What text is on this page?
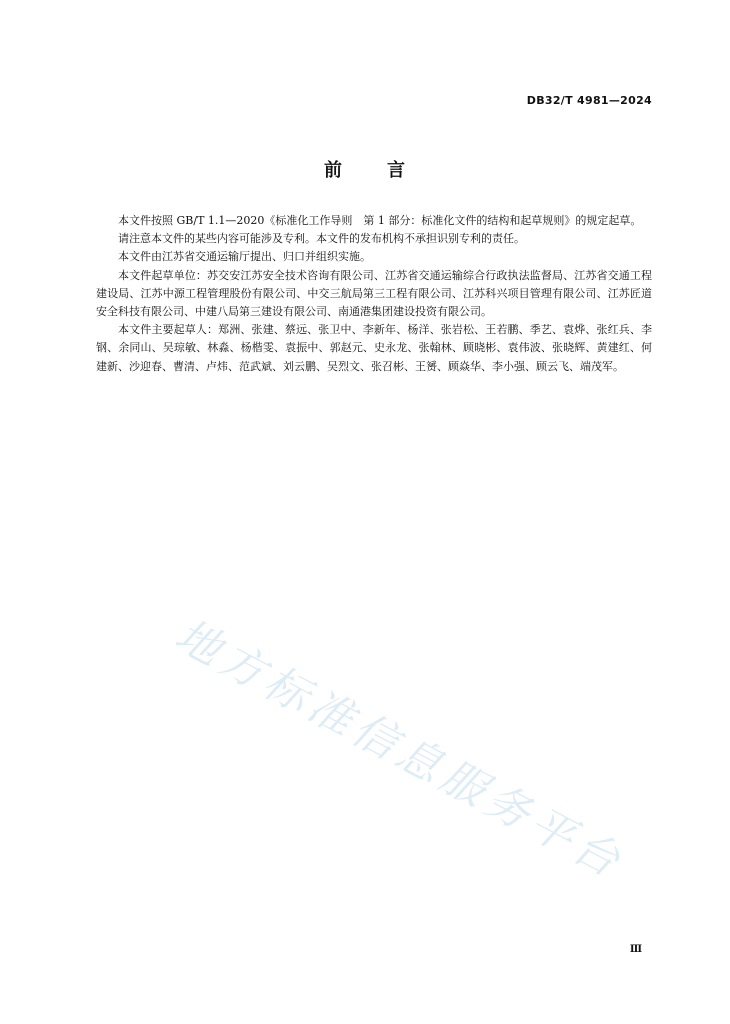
DB32/T 4981—2024
前 言

本文件按照 GB/T 1.1—2020《标准化工作导则　第 1 部分：标准化文件的结构和起草规则》的规定起草。

请注意本文件的某些内容可能涉及专利。本文件的发布机构不承担识别专利的责任。

本文件由江苏省交通运输厅提出、归口并组织实施。

本文件起草单位：苏交安江苏安全技术咨询有限公司、江苏省交通运输综合行政执法监督局、江苏省交通工程建设局、江苏中源工程管理股份有限公司、中交三航局第三工程有限公司、江苏科兴项目管理有限公司、江苏匠道安全科技有限公司、中建八局第三建设有限公司、南通港集团建设投资有限公司。

本文件主要起草人：郑洲、张建、蔡远、张卫中、李新年、杨洋、张岩松、王若鹏、季艺、袁烨、张红兵、李钢、余同山、吴琼敏、林淼、杨楷雯、袁振中、郭赵元、史永龙、张翰林、顾晓彬、袁伟波、张晓辉、黄建红、何建新、沙迎春、曹清、卢炜、范武斌、刘云鹏、吴烈文、张召彬、王赟、顾焱华、李小强、顾云飞、端茂军。

地方标准信息服务平台
Ⅲ
